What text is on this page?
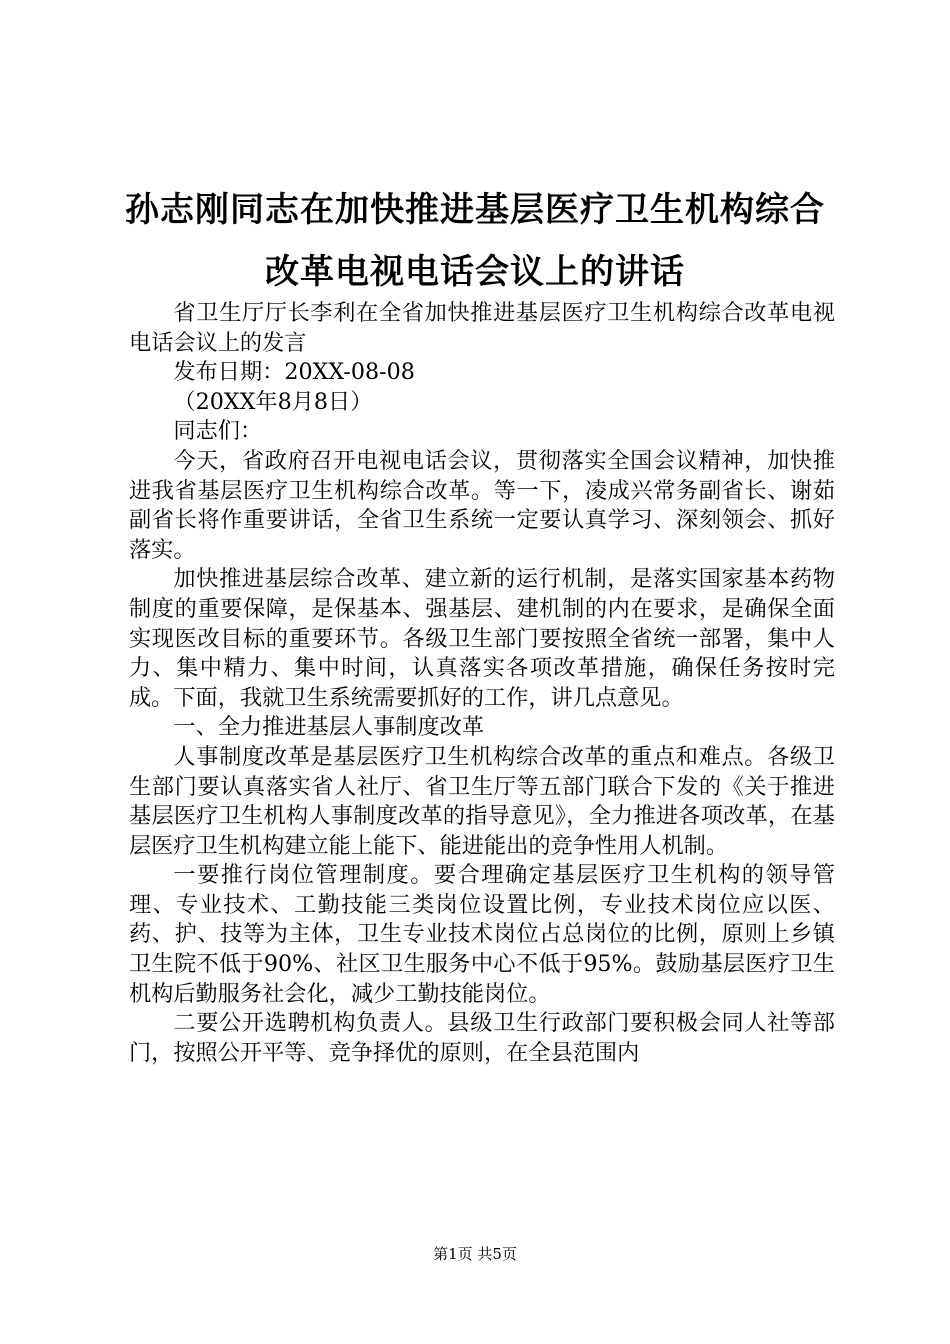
孙志刚同志在加快推进基层医疗卫生机构综合
改革电视电话会议上的讲话

省卫生厅厅长李利在全省加快推进基层医疗卫生机构综合改革电视电话会议上的发言

发布日期：20XX-08-08

（20XX年8月8日）

同志们：

今天，省政府召开电视电话会议，贯彻落实全国会议精神，加快推进我省基层医疗卫生机构综合改革。等一下，凌成兴常务副省长、谢茹副省长将作重要讲话，全省卫生系统一定要认真学习、深刻领会、抓好落实。

加快推进基层综合改革、建立新的运行机制，是落实国家基本药物制度的重要保障，是保基本、强基层、建机制的内在要求，是确保全面实现医改目标的重要环节。各级卫生部门要按照全省统一部署，集中人力、集中精力、集中时间，认真落实各项改革措施，确保任务按时完成。下面，我就卫生系统需要抓好的工作，讲几点意见。

一、全力推进基层人事制度改革

人事制度改革是基层医疗卫生机构综合改革的重点和难点。各级卫生部门要认真落实省人社厅、省卫生厅等五部门联合下发的《关于推进基层医疗卫生机构人事制度改革的指导意见》，全力推进各项改革，在基层医疗卫生机构建立能上能下、能进能出的竞争性用人机制。

一要推行岗位管理制度。要合理确定基层医疗卫生机构的领导管理、专业技术、工勤技能三类岗位设置比例，专业技术岗位应以医、药、护、技等为主体，卫生专业技术岗位占总岗位的比例，原则上乡镇卫生院不低于90%、社区卫生服务中心不低于95%。鼓励基层医疗卫生机构后勤服务社会化，减少工勤技能岗位。

二要公开选聘机构负责人。县级卫生行政部门要积极会同人社等部门，按照公开平等、竞争择优的原则，在全县范围内

第1页 共5页
